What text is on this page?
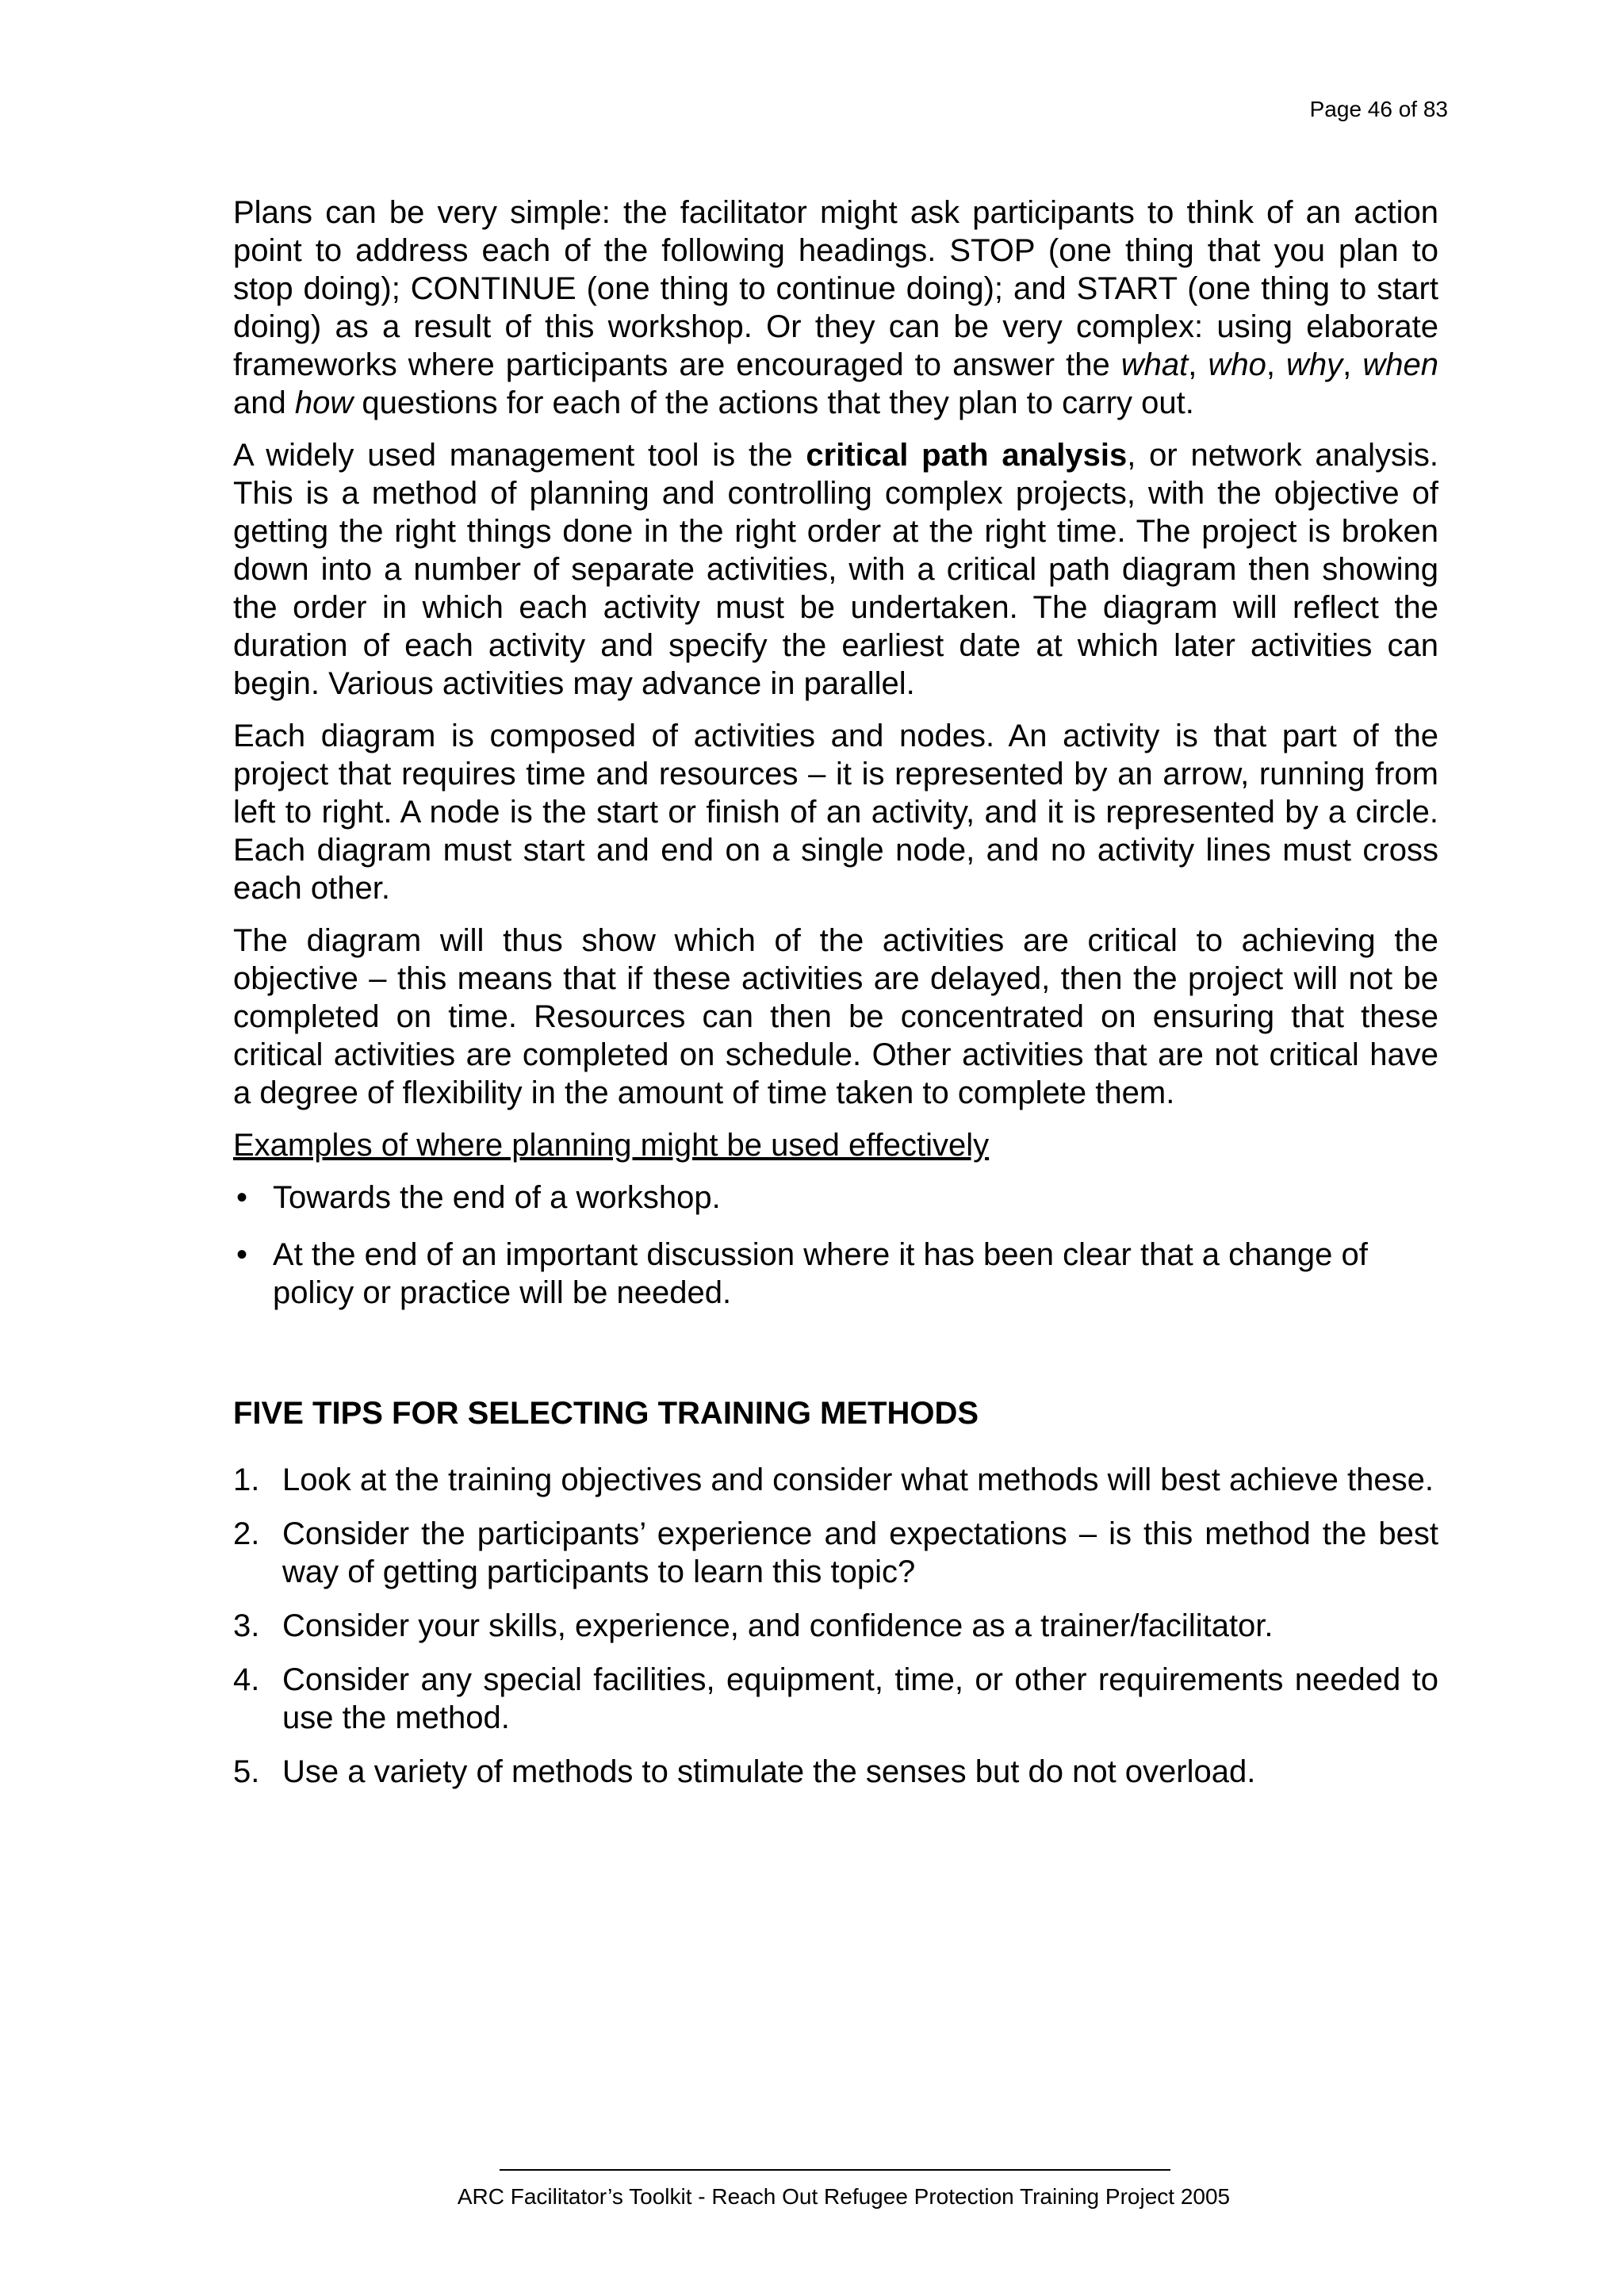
Page 46 of 83

Plans can be very simple: the facilitator might ask participants to think of an action point to address each of the following headings. STOP (one thing that you plan to stop doing); CONTINUE (one thing to continue doing); and START (one thing to start doing) as a result of this workshop. Or they can be very complex: using elaborate frameworks where participants are encouraged to answer the what, who, why, when and how questions for each of the actions that they plan to carry out.

A widely used management tool is the critical path analysis, or network analysis. This is a method of planning and controlling complex projects, with the objective of getting the right things done in the right order at the right time. The project is broken down into a number of separate activities, with a critical path diagram then showing the order in which each activity must be undertaken. The diagram will reflect the duration of each activity and specify the earliest date at which later activities can begin. Various activities may advance in parallel.

Each diagram is composed of activities and nodes. An activity is that part of the project that requires time and resources – it is represented by an arrow, running from left to right. A node is the start or finish of an activity, and it is represented by a circle. Each diagram must start and end on a single node, and no activity lines must cross each other.

The diagram will thus show which of the activities are critical to achieving the objective – this means that if these activities are delayed, then the project will not be completed on time. Resources can then be concentrated on ensuring that these critical activities are completed on schedule. Other activities that are not critical have a degree of flexibility in the amount of time taken to complete them.

Examples of where planning might be used effectively
• Towards the end of a workshop.
• At the end of an important discussion where it has been clear that a change of policy or practice will be needed.
FIVE TIPS FOR SELECTING TRAINING METHODS
1. Look at the training objectives and consider what methods will best achieve these.
2. Consider the participants’ experience and expectations – is this method the best way of getting participants to learn this topic?
3. Consider your skills, experience, and confidence as a trainer/facilitator.
4. Consider any special facilities, equipment, time, or other requirements needed to use the method.
5. Use a variety of methods to stimulate the senses but do not overload.
ARC Facilitator’s Toolkit - Reach Out Refugee Protection Training Project 2005
